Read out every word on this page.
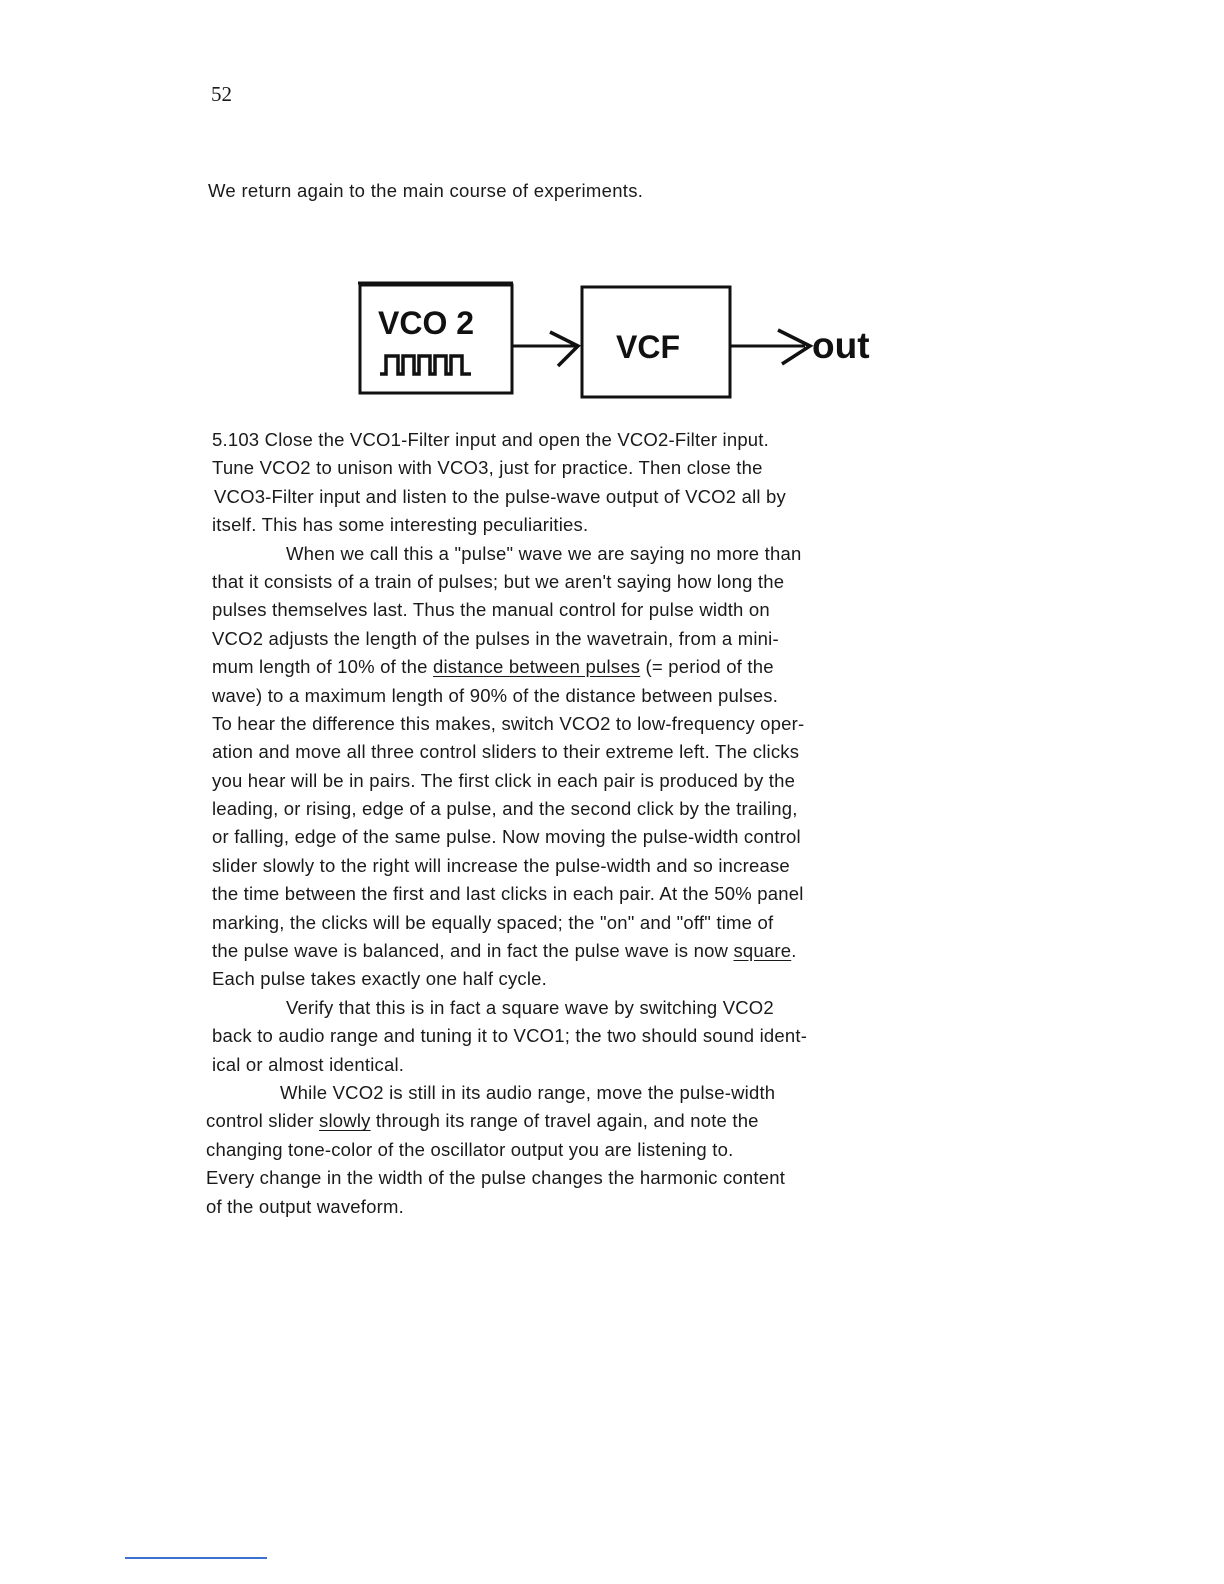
52
We return again to the main course of experiments.
VCO 2
VCF	out
5.103 Close the VCO1-Filter input and open the VCO2-Filter input.
Tune VCO2 to unison with VCO3, just for practice. Then close the
VCO3-Filter input and listen to the pulse-wave output of VCO2 all by
itself. This has some interesting peculiarities.
When we call this a "pulse" wave we are saying no more than
that it consists of a train of pulses; but we aren't saying how long the
pulses themselves last. Thus the manual control for pulse width on
VCO2 adjusts the length of the pulses in the wavetrain, from a mini-
mum length of 10% of the distance between pulses (= period of the
wave) to a maximum length of 90% of the distance between pulses.
To hear the difference this makes, switch VCO2 to low-frequency oper-
ation and move all three control sliders to their extreme left. The clicks
you hear will be in pairs. The first click in each pair is produced by the
leading, or rising, edge of a pulse, and the second click by the trailing,
or falling, edge of the same pulse. Now moving the pulse-width control
slider slowly to the right will increase the pulse-width and so increase
the time between the first and last clicks in each pair. At the 50% panel
marking, the clicks will be equally spaced; the "on" and "off" time of
the pulse wave is balanced, and in fact the pulse wave is now square.
Each pulse takes exactly one half cycle.
Verify that this is in fact a square wave by switching VCO2
back to audio range and tuning it to VCO1; the two should sound ident-
ical or almost identical.
While VCO2 is still in its audio range, move the pulse-width
control slider slowly through its range of travel again, and note the
changing tone-color of the oscillator output you are listening to.
Every change in the width of the pulse changes the harmonic content
of the output waveform.
